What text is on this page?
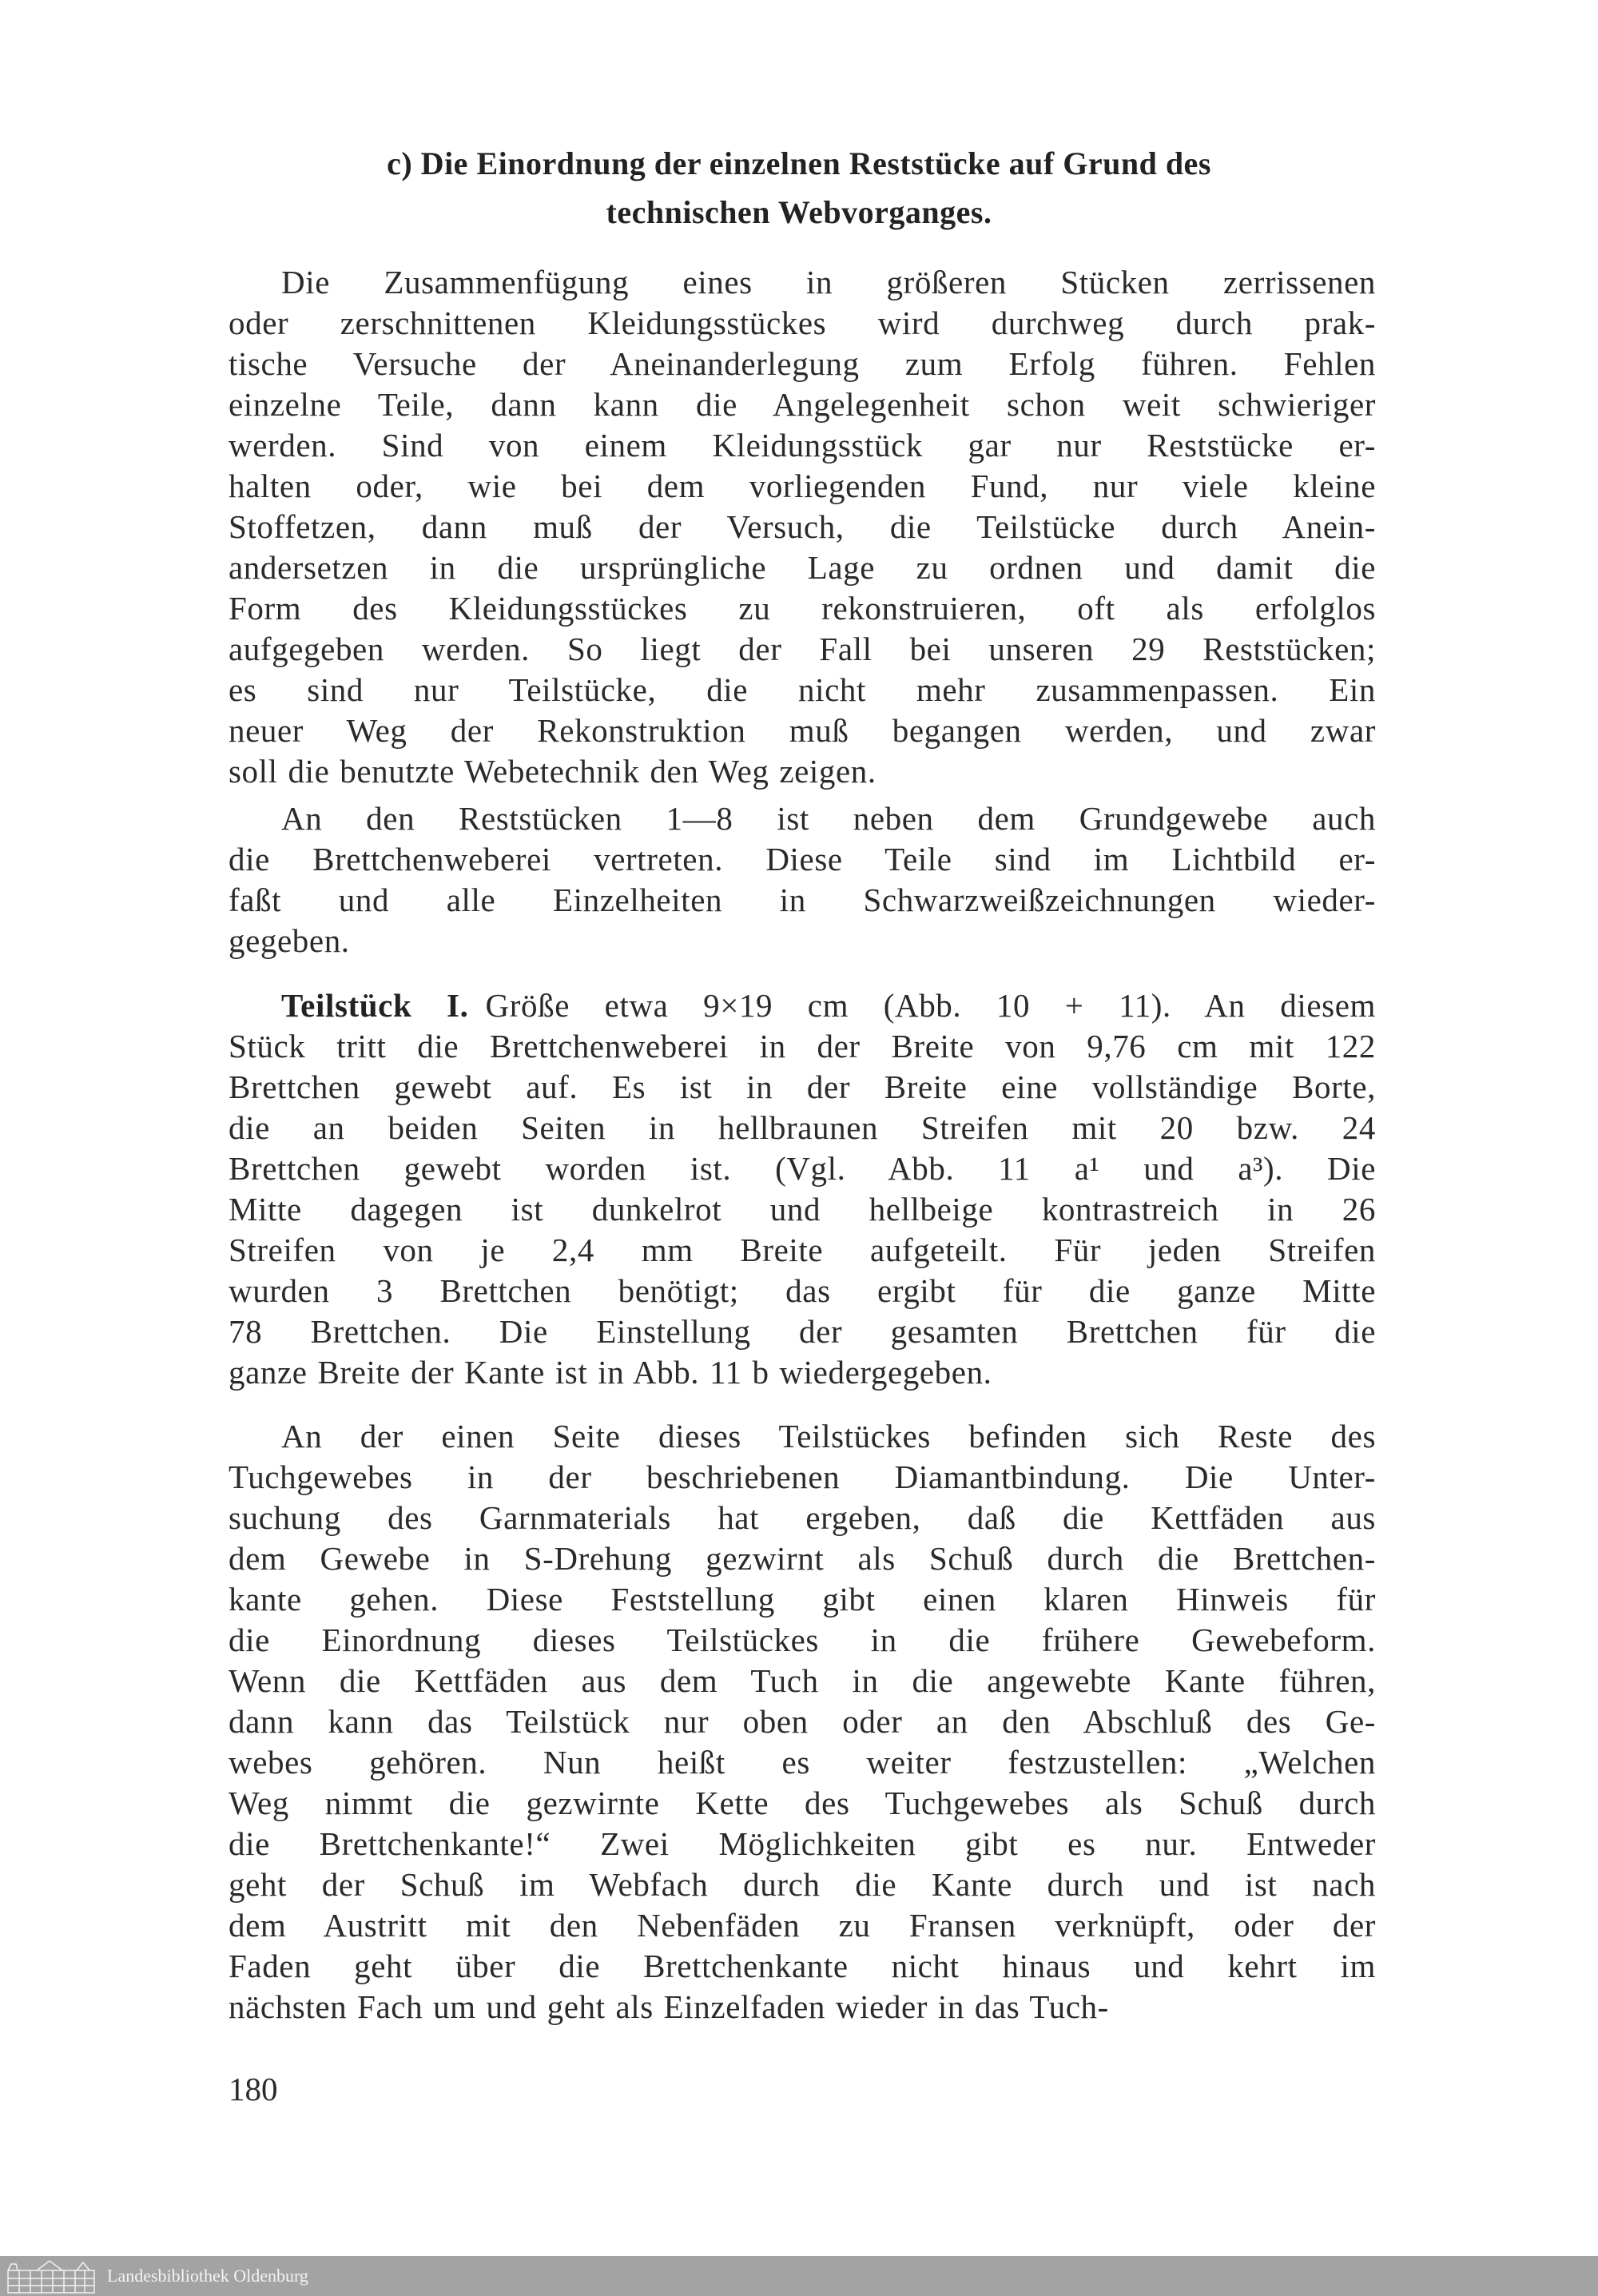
c) Die Einordnung der einzelnen Reststücke auf Grund des
technischen Webvorganges.
Die Zusammenfügung eines in größeren Stücken zerrissenen
oder zerschnittenen Kleidungsstückes wird durchweg durch prak-
tische Versuche der Aneinanderlegung zum Erfolg führen. Fehlen
einzelne Teile, dann kann die Angelegenheit schon weit schwieriger
werden. Sind von einem Kleidungsstück gar nur Reststücke er-
halten oder, wie bei dem vorliegenden Fund, nur viele kleine
Stoffetzen, dann muß der Versuch, die Teilstücke durch Anein-
andersetzen in die ursprüngliche Lage zu ordnen und damit die
Form des Kleidungsstückes zu rekonstruieren, oft als erfolglos
aufgegeben werden. So liegt der Fall bei unseren 29 Reststücken;
es sind nur Teilstücke, die nicht mehr zusammenpassen. Ein
neuer Weg der Rekonstruktion muß begangen werden, und zwar
soll die benutzte Webetechnik den Weg zeigen.
An den Reststücken 1—8 ist neben dem Grundgewebe auch
die Brettchenweberei vertreten. Diese Teile sind im Lichtbild er-
faßt und alle Einzelheiten in Schwarzweißzeichnungen wieder-
gegeben.
Teilstück I.  Größe etwa 9×19 cm (Abb. 10 + 11). An diesem
Stück tritt die Brettchenweberei in der Breite von 9,76 cm mit 122
Brettchen gewebt auf. Es ist in der Breite eine vollständige Borte,
die an beiden Seiten in hellbraunen Streifen mit 20 bzw. 24
Brettchen gewebt worden ist. (Vgl. Abb. 11 a¹ und a³). Die
Mitte dagegen ist dunkelrot und hellbeige kontrastreich in 26
Streifen von je 2,4 mm Breite aufgeteilt. Für jeden Streifen
wurden 3 Brettchen benötigt; das ergibt für die ganze Mitte
78 Brettchen. Die Einstellung der gesamten Brettchen für die
ganze Breite der Kante ist in Abb. 11 b wiedergegeben.
An der einen Seite dieses Teilstückes befinden sich Reste des
Tuchgewebes in der beschriebenen Diamantbindung. Die Unter-
suchung des Garnmaterials hat ergeben, daß die Kettfäden aus
dem Gewebe in S-Drehung gezwirnt als Schuß durch die Brettchen-
kante gehen. Diese Feststellung gibt einen klaren Hinweis für
die Einordnung dieses Teilstückes in die frühere Gewebeform.
Wenn die Kettfäden aus dem Tuch in die angewebte Kante führen,
dann kann das Teilstück nur oben oder an den Abschluß des Ge-
webes gehören. Nun heißt es weiter festzustellen: „Welchen
Weg nimmt die gezwirnte Kette des Tuchgewebes als Schuß durch
die Brettchenkante!“ Zwei Möglichkeiten gibt es nur. Entweder
geht der Schuß im Webfach durch die Kante durch und ist nach
dem Austritt mit den Nebenfäden zu Fransen verknüpft, oder der
Faden geht über die Brettchenkante nicht hinaus und kehrt im
nächsten Fach um und geht als Einzelfaden wieder in das Tuch-
180
Landesbibliothek Oldenburg
